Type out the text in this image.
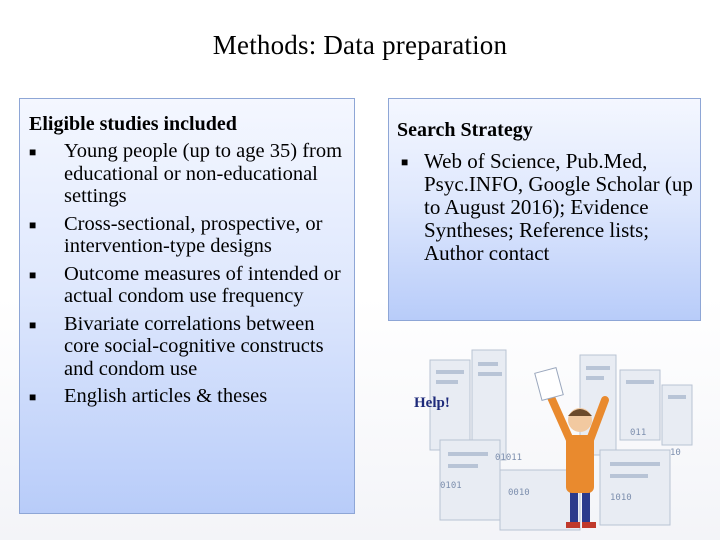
Methods: Data preparation
Eligible studies included
■ Young people (up to age 35) from educational or non-educational settings
■ Cross-sectional, prospective, or intervention-type designs
■ Outcome measures of intended or actual condom use frequency
■ Bivariate correlations between core social-cognitive constructs and condom use
■ English articles & theses
Search Strategy
■ Web of Science, Pub.Med, Psyc.INFO, Google Scholar (up to August 2016); Evidence Syntheses; Reference lists; Author contact
0101
01011
0010	1010
011
10
Help!
